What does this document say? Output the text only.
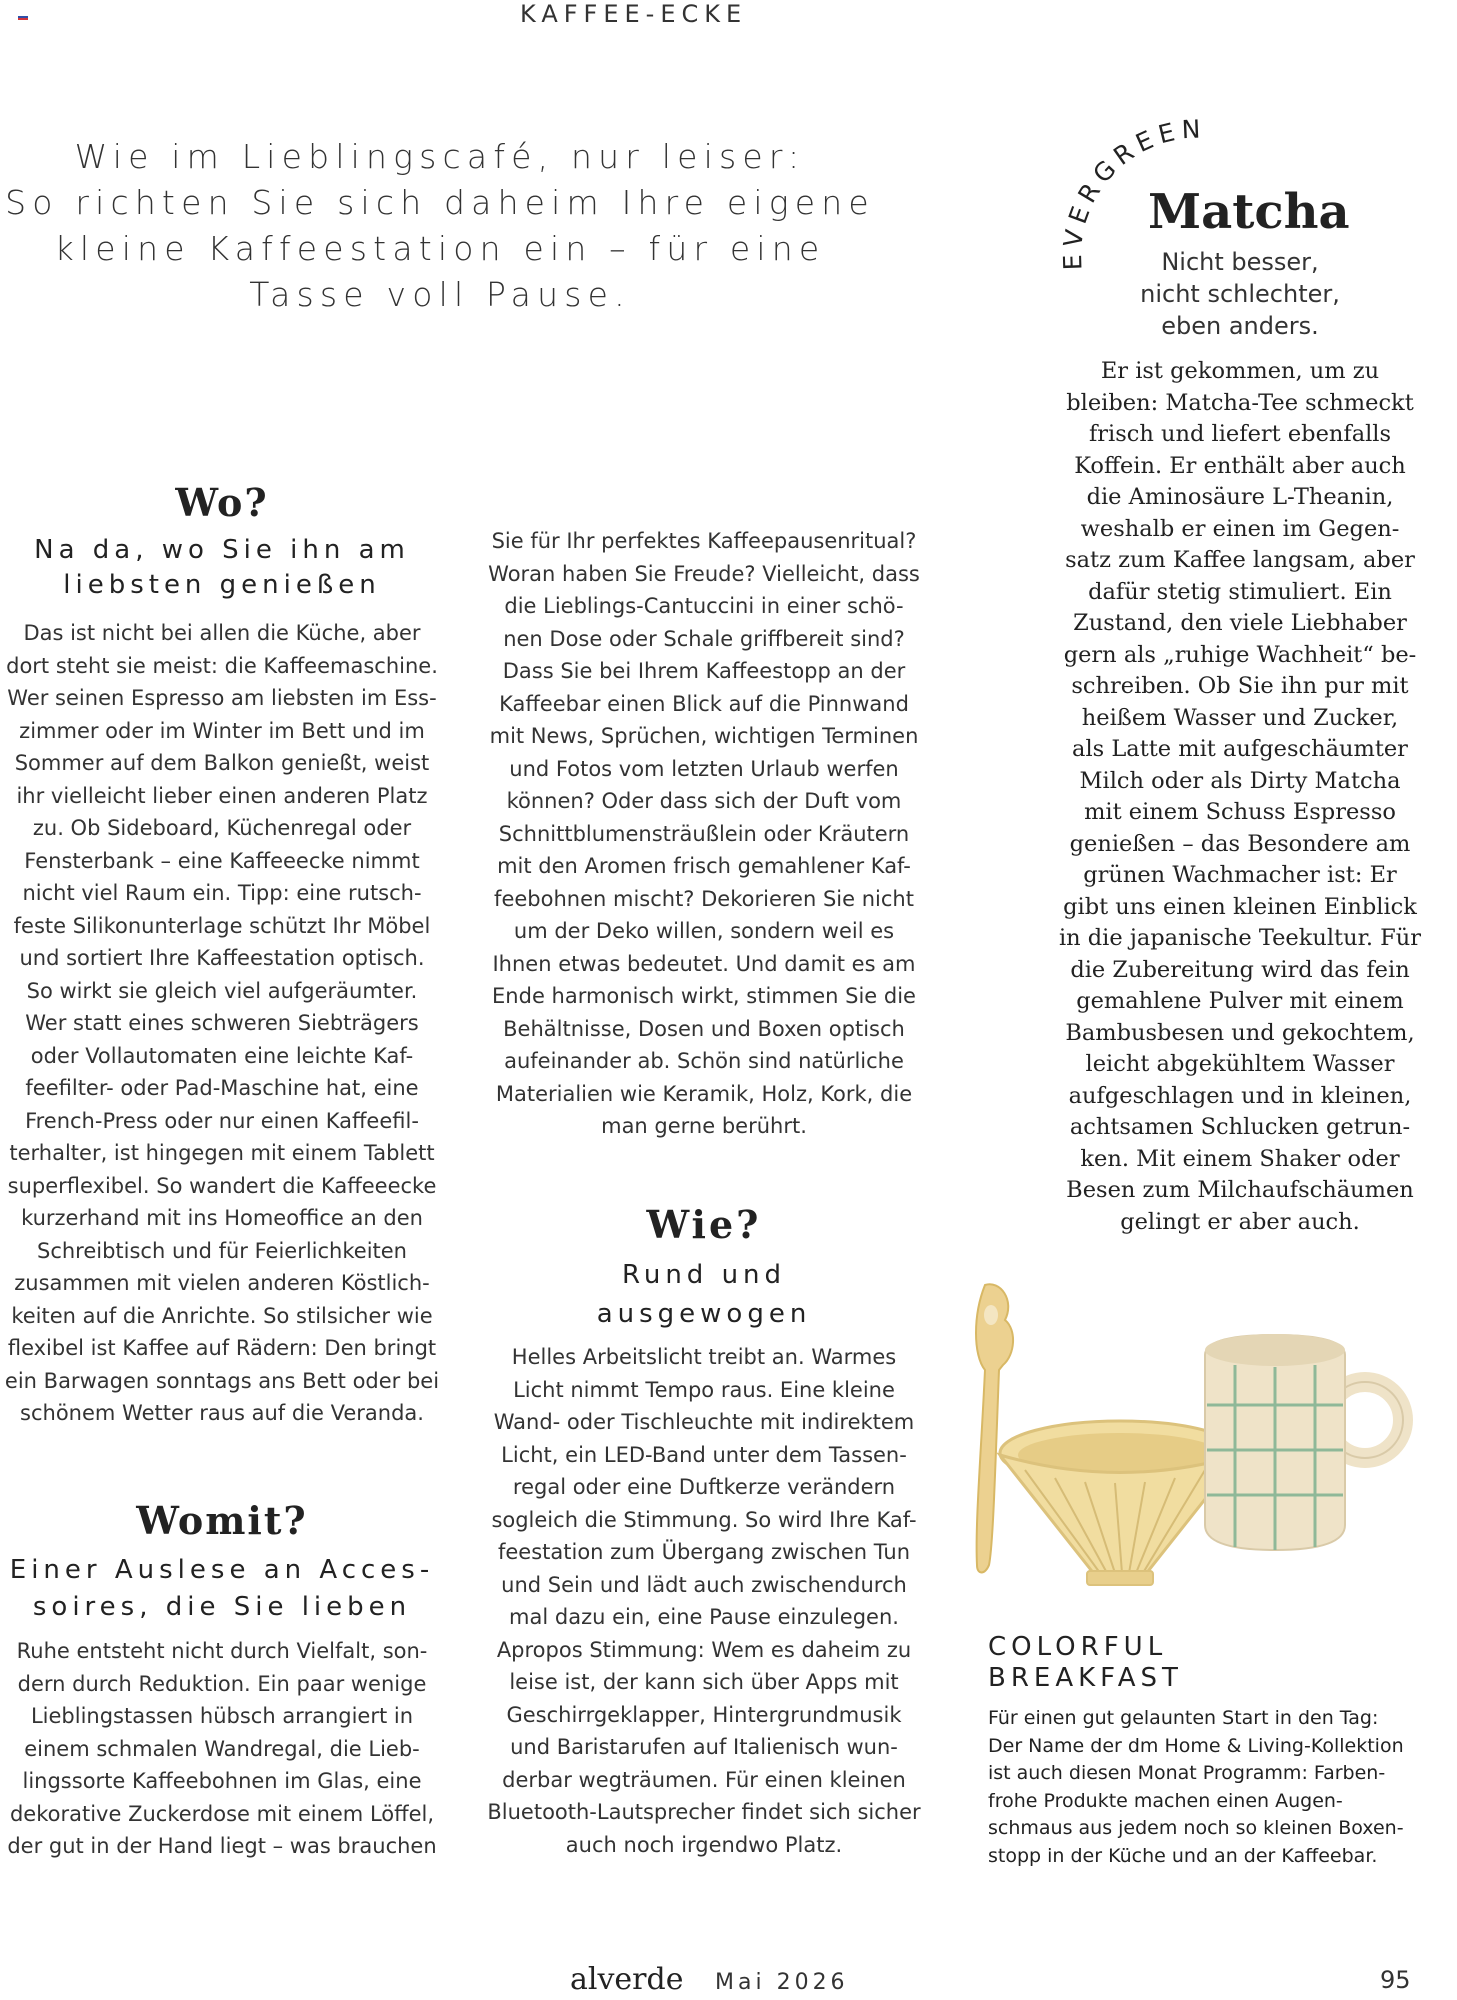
KAFFEE-ECKE
Wie im Lieblingscafé, nur leiser:
So richten Sie sich daheim Ihre eigene
kleine Kaffeestation ein – für eine
Tasse voll Pause.
Wo?
Na da, wo Sie ihn am
liebsten genießen
Das ist nicht bei allen die Küche, aber
dort steht sie meist: die Kaffeemaschine.
Wer seinen Espresso am liebsten im Ess-
zimmer oder im Winter im Bett und im
Sommer auf dem Balkon genießt, weist
ihr vielleicht lieber einen anderen Platz
zu. Ob Sideboard, Küchenregal oder
Fensterbank – eine Kaffeeecke nimmt
nicht viel Raum ein. Tipp: eine rutsch-
feste Silikonunterlage schützt Ihr Möbel
und sortiert Ihre Kaffeestation optisch.
So wirkt sie gleich viel aufgeräumter.
Wer statt eines schweren Siebträgers
oder Vollautomaten eine leichte Kaf-
feefilter- oder Pad-Maschine hat, eine
French-Press oder nur einen Kaffeefil-
terhalter, ist hingegen mit einem Tablett
superflexibel. So wandert die Kaffeeecke
kurzerhand mit ins Homeoffice an den
Schreibtisch und für Feierlichkeiten
zusammen mit vielen anderen Köstlich-
keiten auf die Anrichte. So stilsicher wie
flexibel ist Kaffee auf Rädern: Den bringt
ein Barwagen sonntags ans Bett oder bei
schönem Wetter raus auf die Veranda.
Womit?
Einer Auslese an Acces-
soires, die Sie lieben
Ruhe entsteht nicht durch Vielfalt, son-
dern durch Reduktion. Ein paar wenige
Lieblingstassen hübsch arrangiert in
einem schmalen Wandregal, die Lieb-
lingssorte Kaffeebohnen im Glas, eine
dekorative Zuckerdose mit einem Löffel,
der gut in der Hand liegt – was brauchen
Sie für Ihr perfektes Kaffeepausenritual?
Woran haben Sie Freude? Vielleicht, dass
die Lieblings-Cantuccini in einer schö-
nen Dose oder Schale griffbereit sind?
Dass Sie bei Ihrem Kaffeestopp an der
Kaffeebar einen Blick auf die Pinnwand
mit News, Sprüchen, wichtigen Terminen
und Fotos vom letzten Urlaub werfen
können? Oder dass sich der Duft vom
Schnittblumensträußlein oder Kräutern
mit den Aromen frisch gemahlener Kaf-
feebohnen mischt? Dekorieren Sie nicht
um der Deko willen, sondern weil es
Ihnen etwas bedeutet. Und damit es am
Ende harmonisch wirkt, stimmen Sie die
Behältnisse, Dosen und Boxen optisch
aufeinander ab. Schön sind natürliche
Materialien wie Keramik, Holz, Kork, die
man gerne berührt.
Wie?
Rund und
ausgewogen
Helles Arbeitslicht treibt an. Warmes
Licht nimmt Tempo raus. Eine kleine
Wand- oder Tischleuchte mit indirektem
Licht, ein LED-Band unter dem Tassen-
regal oder eine Duftkerze verändern
sogleich die Stimmung. So wird Ihre Kaf-
feestation zum Übergang zwischen Tun
und Sein und lädt auch zwischendurch
mal dazu ein, eine Pause einzulegen.
Apropos Stimmung: Wem es daheim zu
leise ist, der kann sich über Apps mit
Geschirrgeklapper, Hintergrundmusik
und Baristarufen auf Italienisch wun-
derbar wegträumen. Für einen kleinen
Bluetooth-Lautsprecher findet sich sicher
auch noch irgendwo Platz.
EVERGREEN
Matcha
Nicht besser,
nicht schlechter,
eben anders.
Er ist gekommen, um zu
bleiben: Matcha-Tee schmeckt
frisch und liefert ebenfalls
Koffein. Er enthält aber auch
die Aminosäure L-Theanin,
weshalb er einen im Gegen-
satz zum Kaffee langsam, aber
dafür stetig stimuliert. Ein
Zustand, den viele Liebhaber
gern als „ruhige Wachheit“ be-
schreiben. Ob Sie ihn pur mit
heißem Wasser und Zucker,
als Latte mit aufgeschäumter
Milch oder als Dirty Matcha
mit einem Schuss Espresso
genießen – das Besondere am
grünen Wachmacher ist: Er
gibt uns einen kleinen Einblick
in die japanische Teekultur. Für
die Zubereitung wird das fein
gemahlene Pulver mit einem
Bambusbesen und gekochtem,
leicht abgekühltem Wasser
aufgeschlagen und in kleinen,
achtsamen Schlucken getrun-
ken. Mit einem Shaker oder
Besen zum Milchaufschäumen
gelingt er aber auch.
COLORFUL
BREAKFAST
Für einen gut gelaunten Start in den Tag:
Der Name der dm Home & Living-Kollektion
ist auch diesen Monat Programm: Farben-
frohe Produkte machen einen Augen-
schmaus aus jedem noch so kleinen Boxen-
stopp in der Küche und an der Kaffeebar.
alverde Mai 2026	95
